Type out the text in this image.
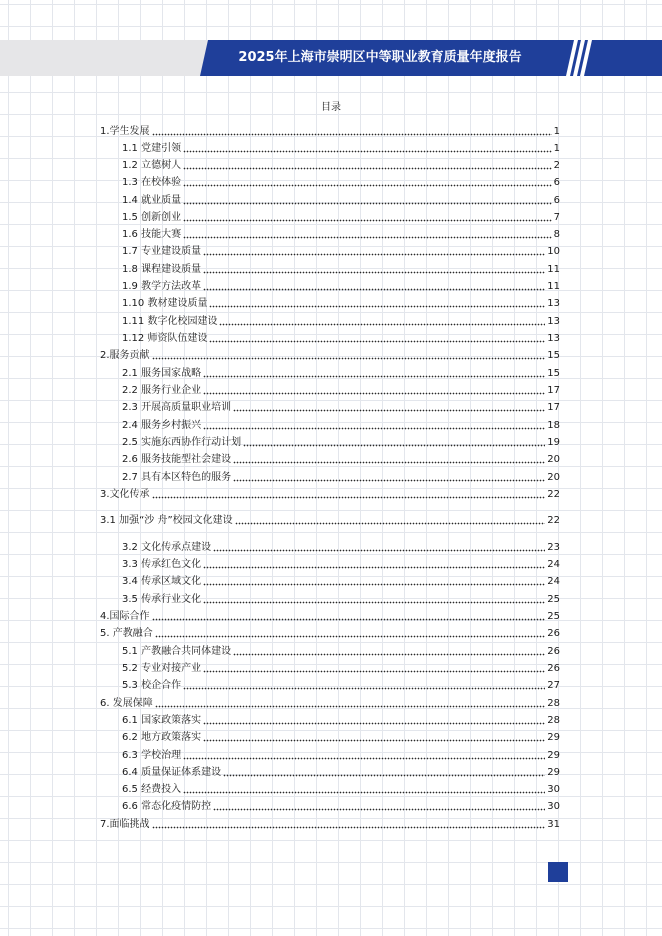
2025年上海市崇明区中等职业教育质量年度报告
目录
1.学生发展	1
1.1 党建引领	1
1.2 立德树人	2
1.3 在校体验	6
1.4 就业质量	6
1.5 创新创业	7
1.6 技能大赛	8
1.7 专业建设质量	10
1.8 课程建设质量	11
1.9 教学方法改革	11
1.10 教材建设质量	13
1.11 数字化校园建设	13
1.12 师资队伍建设	13
2.服务贡献	15
2.1 服务国家战略	15
2.2 服务行业企业	17
2.3 开展高质量职业培训	17
2.4 服务乡村振兴	18
2.5 实施东西协作行动计划	19
2.6 服务技能型社会建设	20
2.7 具有本区特色的服务	20
3.文化传承	22
3.1 加强“沙 舟”校园文化建设	22
3.2 文化传承点建设	23
3.3 传承红色文化	24
3.4 传承区域文化	24
3.5 传承行业文化	25
4.国际合作	25
5. 产教融合	26
5.1 产教融合共同体建设	26
5.2 专业对接产业	26
5.3 校企合作	27
6. 发展保障	28
6.1 国家政策落实	28
6.2 地方政策落实	29
6.3 学校治理	29
6.4 质量保证体系建设	29
6.5 经费投入	30
6.6 常态化疫情防控	30
7.面临挑战	31
